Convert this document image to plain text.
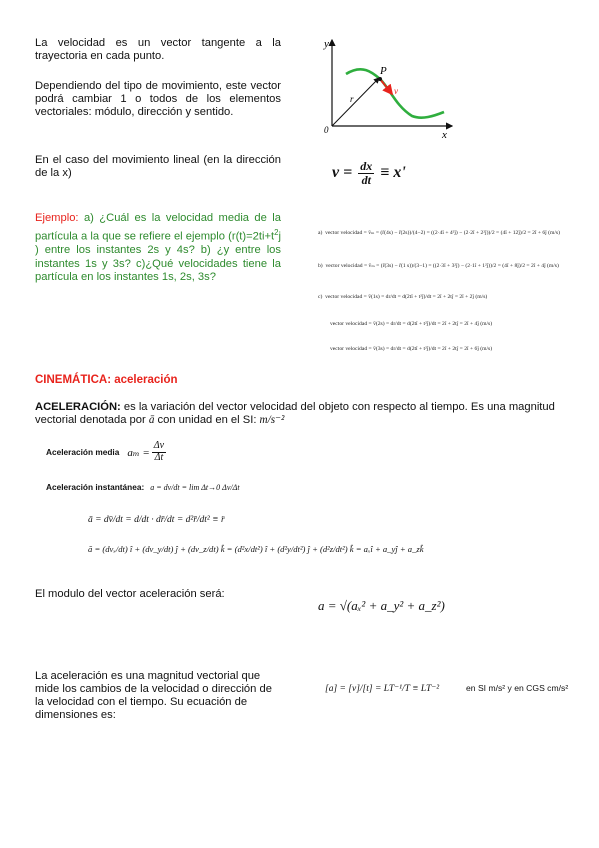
La velocidad es un vector tangente a la trayectoria en cada punto.
Dependiendo del tipo de movimiento, este vector podrá cambiar 1 o todos de los elementos vectoriales: módulo, dirección y sentido.
En el caso del movimiento lineal (en la dirección de la x)
y
x
0
P
r
v
$v = \frac{dx}{dt} \equiv x'$
Ejemplo: a) ¿Cuál es la velocidad media de la partícula a la que se refiere el ejemplo ($r(t)=2ti+t^2j$ ) entre los instantes 2s y 4s? b) ¿y entre los instantes 1s y 3s? c)¿Qué velocidades tiene la partícula en los instantes 1s, 2s, 3s?
a) vector velocidad = v̄ₘ = (r̄(4s) − r̄(2s))/(4−2) = ((2·4î + 4²ĵ) − (2·2î + 2²ĵ))/2 = (4î + 12ĵ)/2 = 2î + 6ĵ (m/s)
b) vector velocidad = v̄ₘ = (r̄(3s) − r̄(1 s))/(3−1) = ((2·3î + 3²ĵ) − (2·1î + 1²ĵ))/2 = (4î + 8ĵ)/2 = 2î + 4ĵ (m/s)
c) vector velocidad = v̄(1s) = dr/dt = d(2tî + t²ĵ)/dt = 2î + 2tĵ = 2î + 2ĵ (m/s)
vector velocidad = v̄(2s) = dr/dt = d(2tî + t²ĵ)/dt = 2î + 2tĵ = 2î + 4ĵ (m/s)
vector velocidad = v̄(3s) = dr/dt = d(2tî + t²ĵ)/dt = 2î + 2tĵ = 2î + 6ĵ (m/s)
CINEMÁTICA: aceleración
ACELERACIÓN: es la variación del vector velocidad del objeto con respecto al tiempo. Es una magnitud vectorial denotada por ā con unidad en el SI: m/s⁻²
Aceleración media $a_m = \frac{\Delta v}{\Delta t}$
Aceleración instantánea: a = dv/dt = lim Δt→0 Δv/Δt
ā = dv̄/dt = d/dt · dr̄/dt = d²r̄/dt² ≡ r̈
ā = (dvₓ/dt) î + (dv_y/dt) ĵ + (dv_z/dt) k̂ = (d²x/dt²) î + (d²y/dt²) ĵ + (d²z/dt²) k̂ = aₓî + a_yĵ + a_zk̂
El modulo del vector aceleración será:
a = √(aₓ² + a_y² + a_z²)
La aceleración es una magnitud vectorial que mide los cambios de la velocidad o dirección de la velocidad con el tiempo. Su ecuación de dimensiones es:
[a] = [v]/[t] = LT⁻¹/T ≡ LT⁻²	en SI m/s² y en CGS cm/s²
